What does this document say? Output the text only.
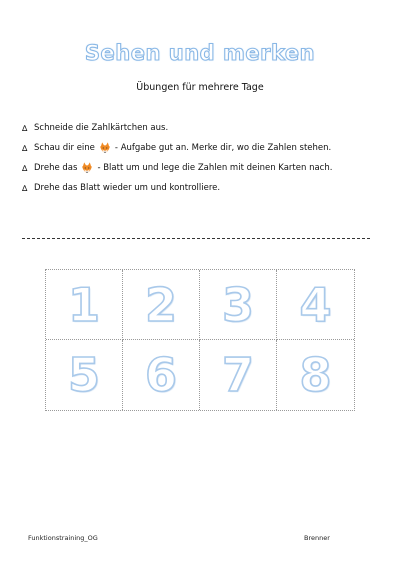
Sehen und merken
Übungen für mehrere Tage
∆ Schneide die Zahlkärtchen aus.
∆ Schau dir eine - Aufgabe gut an. Merke dir, wo die Zahlen stehen.
∆ Drehe das - Blatt um und lege die Zahlen mit deinen Karten nach.
∆ Drehe das Blatt wieder um und kontrolliere.
1 2 3 4
5 6 7 8
Funktionstraining_OG	Brenner
